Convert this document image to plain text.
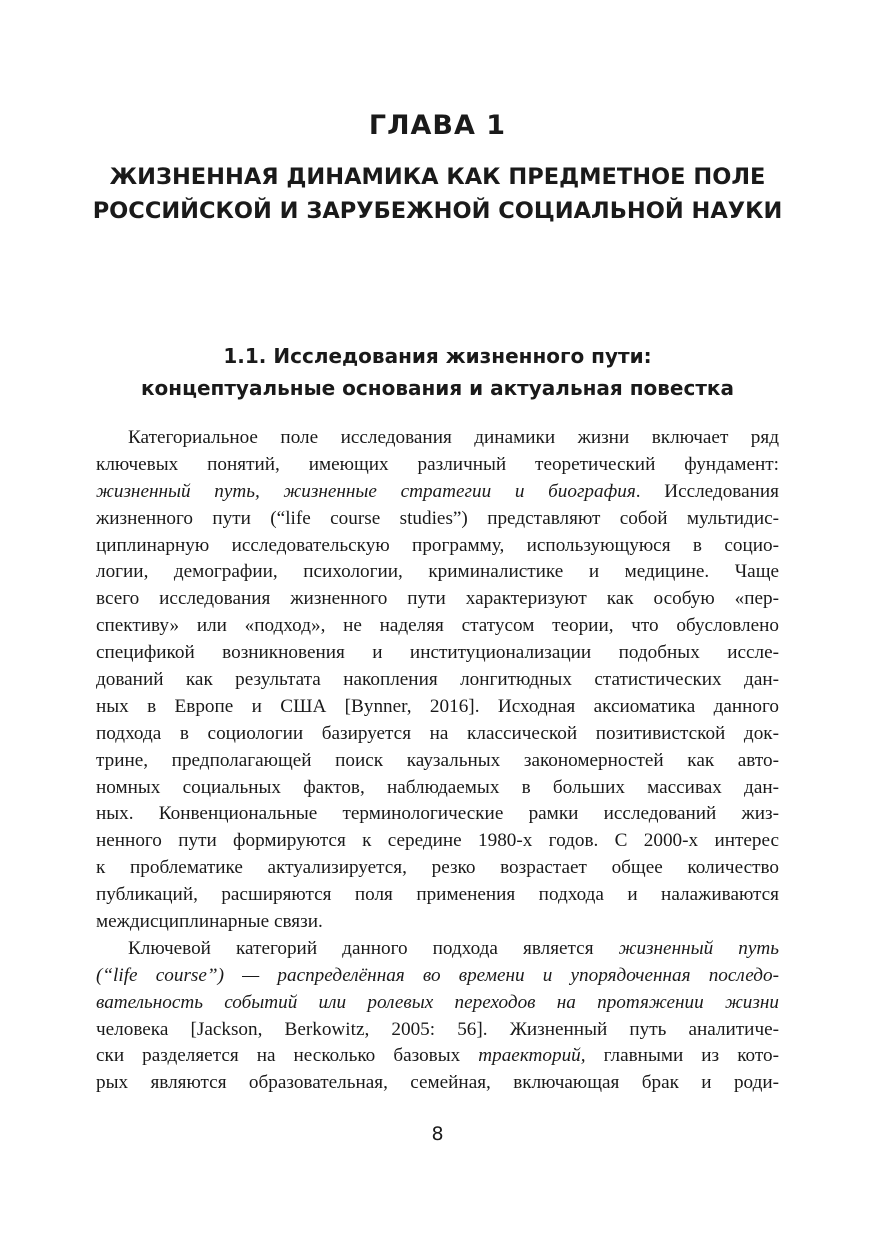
ГЛАВА 1
ЖИЗНЕННАЯ ДИНАМИКА КАК ПРЕДМЕТНОЕ ПОЛЕ
РОССИЙСКОЙ И ЗАРУБЕЖНОЙ СОЦИАЛЬНОЙ НАУКИ
1.1. Исследования жизненного пути:
концептуальные основания и актуальная повестка
Категориальное поле исследования динамики жизни включает ряд
ключевых понятий, имеющих различный теоретический фундамент:
жизненный путь, жизненные стратегии и биография. Исследования
жизненного пути (“life course studies”) представляют собой мультидис-
циплинарную исследовательскую программу, использующуюся в социо-
логии, демографии, психологии, криминалистике и медицине. Чаще
всего исследования жизненного пути характеризуют как особую «пер-
спективу» или «подход», не наделяя статусом теории, что обусловлено
спецификой возникновения и институционализации подобных иссле-
дований как результата накопления лонгитюдных статистических дан-
ных в Европе и США [Bynner, 2016]. Исходная аксиоматика данного
подхода в социологии базируется на классической позитивистской док-
трине, предполагающей поиск каузальных закономерностей как авто-
номных социальных фактов, наблюдаемых в больших массивах дан-
ных. Конвенциональные терминологические рамки исследований жиз-
ненного пути формируются к середине 1980-х годов. С 2000-х интерес
к проблематике актуализируется, резко возрастает общее количество
публикаций, расширяются поля применения подхода и налаживаются
междисциплинарные связи.
Ключевой категорий данного подхода является жизненный путь
(“life course”) — распределённая во времени и упорядоченная последо-
вательность событий или ролевых переходов на протяжении жизни
человека [Jackson, Berkowitz, 2005: 56]. Жизненный путь аналитиче-
ски разделяется на несколько базовых траекторий, главными из кото-
рых являются образовательная, семейная, включающая брак и роди-
8
